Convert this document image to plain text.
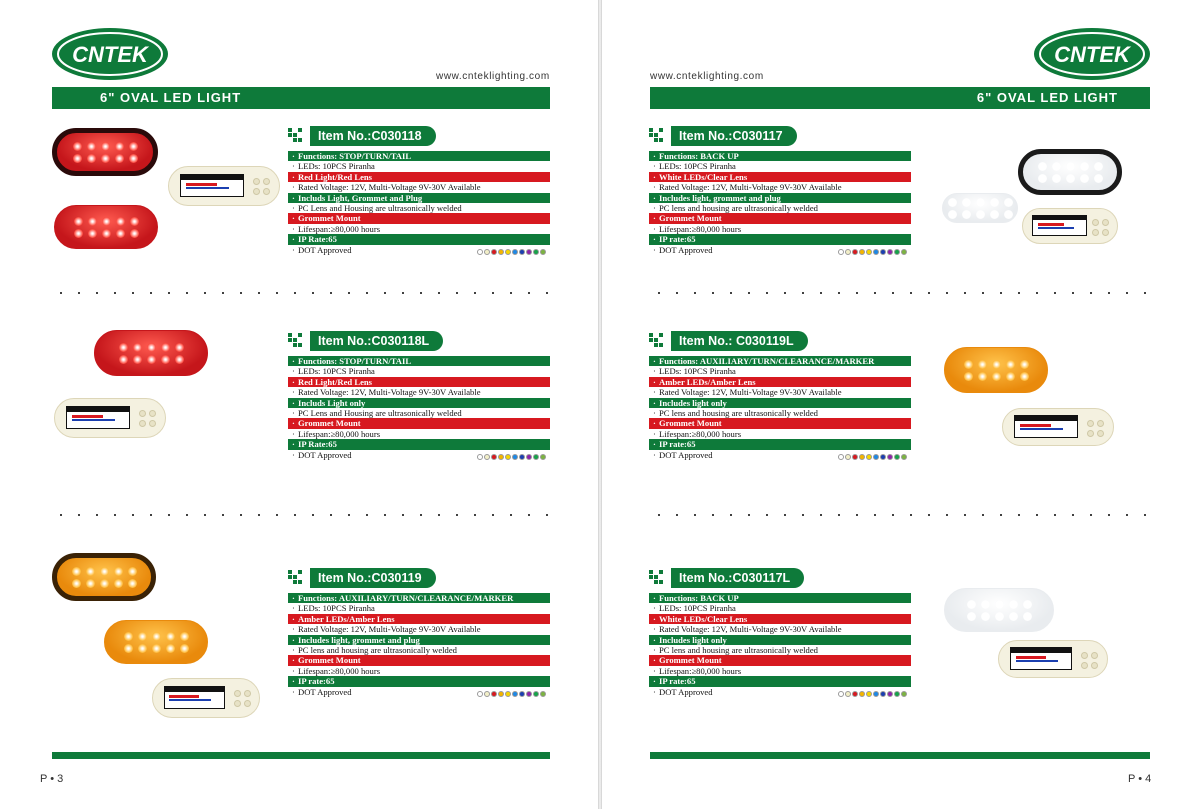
CNTEK
www.cnteklighting.com
6" OVAL LED LIGHT
P • 3
CNTEK
www.cnteklighting.com
6" OVAL LED LIGHT
P • 4
Item No.:C030118
· Functions: STOP/TURN/TAIL
· LEDs: 10PCS Piranha
· Red Light/Red Lens
· Rated Voltage: 12V, Multi-Voltage 9V-30V Available
· Includs Light, Grommet and Plug
· PC Lens and Housing are ultrasonically welded
· Grommet Mount
· Lifespan:≥80,000 hours
· IP Rate:65
· DOT Approved
Item No.:C030118L
· Functions: STOP/TURN/TAIL
· LEDs: 10PCS Piranha
· Red Light/Red Lens
· Rated Voltage: 12V, Multi-Voltage 9V-30V Available
· Includs Light only
· PC Lens and Housing are ultrasonically welded
· Grommet Mount
· Lifespan:≥80,000 hours
· IP Rate:65
· DOT Approved
Item No.:C030119
· Functions: AUXILIARY/TURN/CLEARANCE/MARKER
· LEDs: 10PCS Piranha
· Amber LEDs/Amber Lens
· Rated Voltage: 12V, Multi-Voltage 9V-30V Available
· Includes light, grommet and plug
· PC lens and housing are ultrasonically welded
· Grommet Mount
· Lifespan:≥80,000 hours
· IP rate:65
· DOT Approved
Item No.:C030117
· Functions: BACK UP
· LEDs: 10PCS Piranha
· White LEDs/Clear Lens
· Rated Voltage: 12V, Multi-Voltage 9V-30V Available
· Includes light, grommet and plug
· PC lens and housing are ultrasonically welded
· Grommet Mount
· Lifespan:≥80,000 hours
· IP rate:65
· DOT Approved
Item No.: C030119L
· Functions: AUXILIARY/TURN/CLEARANCE/MARKER
· LEDs: 10PCS Piranha
· Amber LEDs/Amber Lens
· Rated Voltage: 12V, Multi-Voltage 9V-30V Available
· Includes light only
· PC lens and housing are ultrasonically welded
· Grommet Mount
· Lifespan:≥80,000 hours
· IP rate:65
· DOT Approved
Item No.:C030117L
· Functions: BACK UP
· LEDs: 10PCS Piranha
· White LEDs/Clear Lens
· Rated Voltage: 12V, Multi-Voltage 9V-30V Available
· Includes light only
· PC lens and housing are ultrasonically welded
· Grommet Mount
· Lifespan:≥80,000 hours
· IP rate:65
· DOT Approved
